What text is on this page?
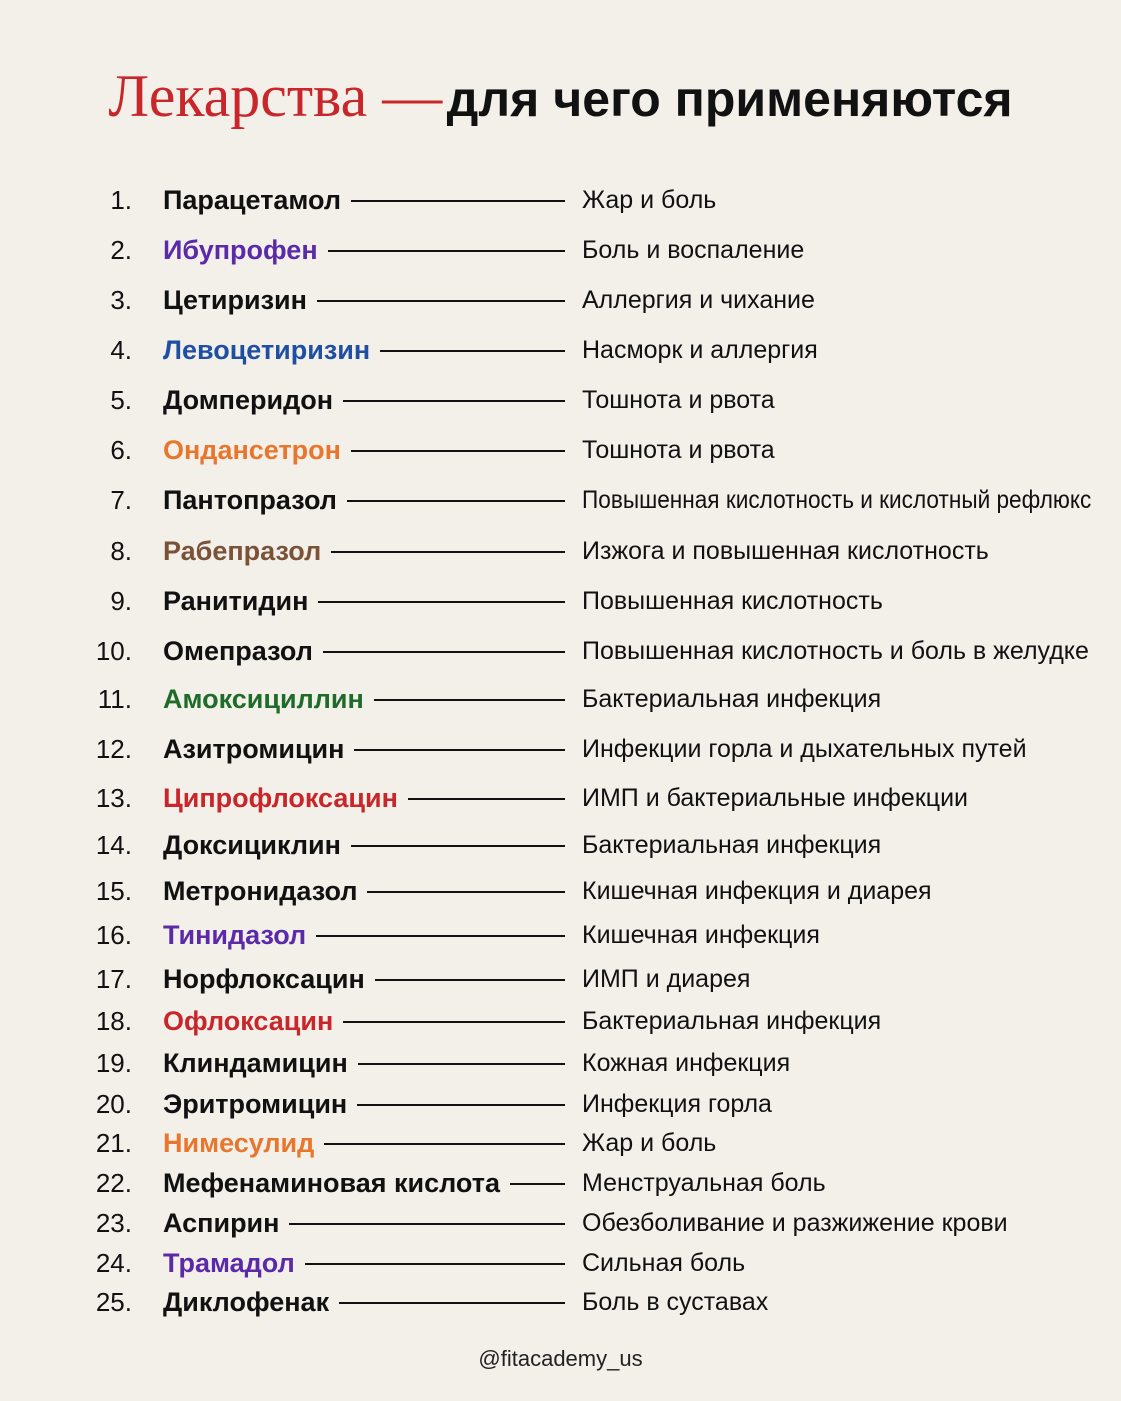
Лекарства — для чего применяются
1. Парацетамол	Жар и боль
2. Ибупрофен	Боль и воспаление
3. Цетиризин	Аллергия и чихание
4. Левоцетиризин	Насморк и аллергия
5. Домперидон	Тошнота и рвота
6. Ондансетрон	Тошнота и рвота
7. Пантопразол	Повышенная кислотность и кислотный рефлюкс
8. Рабепразол	Изжога и повышенная кислотность
9. Ранитидин	Повышенная кислотность
10. Омепразол	Повышенная кислотность и боль в желудке
11. Амоксициллин	Бактериальная инфекция
12. Азитромицин	Инфекции горла и дыхательных путей
13. Ципрофлоксацин	ИМП и бактериальные инфекции
14. Доксициклин	Бактериальная инфекция
15. Метронидазол	Кишечная инфекция и диарея
16. Тинидазол	Кишечная инфекция
17. Норфлоксацин	ИМП и диарея
18. Офлоксацин	Бактериальная инфекция
19. Клиндамицин	Кожная инфекция
20. Эритромицин	Инфекция горла
21. Нимесулид	Жар и боль
22. Мефенаминовая кислота	Менструальная боль
23. Аспирин	Обезболивание и разжижение крови
24. Трамадол	Сильная боль
25. Диклофенак	Боль в суставах
@fitacademy_us
